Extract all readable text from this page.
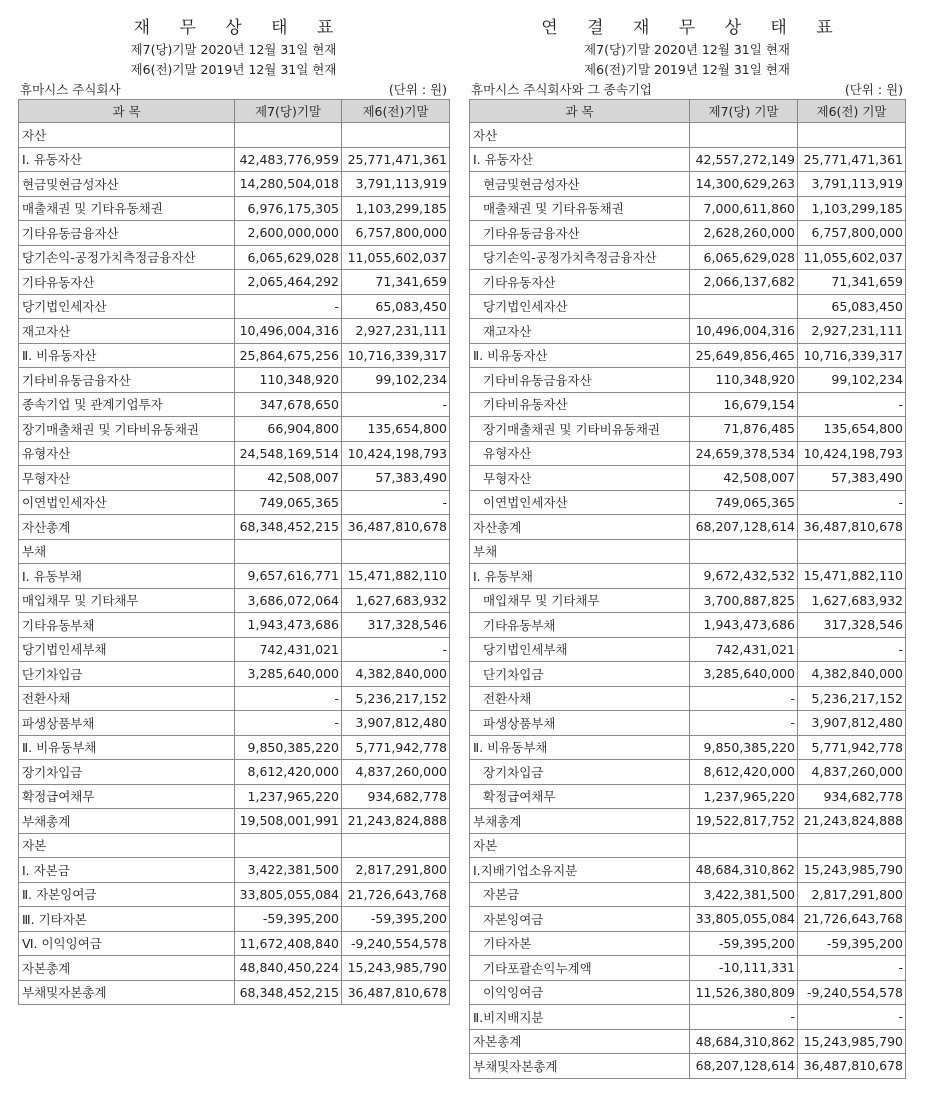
재 무 상 태 표
제7(당)기말 2020년 12월 31일 현재
제6(전)기말 2019년 12월 31일 현재
휴마시스 주식회사	(단위 : 원)
과 목	제7(당)기말	제6(전)기말
자산		
Ⅰ. 유동자산	42,483,776,959	25,771,471,361
현금및현금성자산	14,280,504,018	3,791,113,919
매출채권 및 기타유동채권	6,976,175,305	1,103,299,185
기타유동금융자산	2,600,000,000	6,757,800,000
당기손익-공정가치측정금융자산	6,065,629,028	11,055,602,037
기타유동자산	2,065,464,292	71,341,659
당기법인세자산	-	65,083,450
재고자산	10,496,004,316	2,927,231,111
Ⅱ. 비유동자산	25,864,675,256	10,716,339,317
기타비유동금융자산	110,348,920	99,102,234
종속기업 및 관계기업투자	347,678,650	-
장기매출채권 및 기타비유동채권	66,904,800	135,654,800
유형자산	24,548,169,514	10,424,198,793
무형자산	42,508,007	57,383,490
이연법인세자산	749,065,365	-
자산총계	68,348,452,215	36,487,810,678
부채		
Ⅰ. 유동부채	9,657,616,771	15,471,882,110
매입채무 및 기타채무	3,686,072,064	1,627,683,932
기타유동부채	1,943,473,686	317,328,546
당기법인세부채	742,431,021	-
단기차입금	3,285,640,000	4,382,840,000
전환사채	-	5,236,217,152
파생상품부채	-	3,907,812,480
Ⅱ. 비유동부채	9,850,385,220	5,771,942,778
장기차입금	8,612,420,000	4,837,260,000
확정급여채무	1,237,965,220	934,682,778
부채총계	19,508,001,991	21,243,824,888
자본		
Ⅰ. 자본금	3,422,381,500	2,817,291,800
Ⅱ. 자본잉여금	33,805,055,084	21,726,643,768
Ⅲ. 기타자본	-59,395,200	-59,395,200
Ⅵ. 이익잉여금	11,672,408,840	-9,240,554,578
자본총계	48,840,450,224	15,243,985,790
부채및자본총계	68,348,452,215	36,487,810,678
연 결 재 무 상 태 표
제7(당)기말 2020년 12월 31일 현재
제6(전)기말 2019년 12월 31일 현재
휴마시스 주식회사와 그 종속기업	(단위 : 원)
과 목	제7(당) 기말	제6(전) 기말
자산		
Ⅰ. 유동자산	42,557,272,149	25,771,471,361
현금및현금성자산	14,300,629,263	3,791,113,919
매출채권 및 기타유동채권	7,000,611,860	1,103,299,185
기타유동금융자산	2,628,260,000	6,757,800,000
당기손익-공정가치측정금융자산	6,065,629,028	11,055,602,037
기타유동자산	2,066,137,682	71,341,659
당기법인세자산		65,083,450
재고자산	10,496,004,316	2,927,231,111
Ⅱ. 비유동자산	25,649,856,465	10,716,339,317
기타비유동금융자산	110,348,920	99,102,234
기타비유동자산	16,679,154	-
장기매출채권 및 기타비유동채권	71,876,485	135,654,800
유형자산	24,659,378,534	10,424,198,793
무형자산	42,508,007	57,383,490
이연법인세자산	749,065,365	-
자산총계	68,207,128,614	36,487,810,678
부채		
Ⅰ. 유동부채	9,672,432,532	15,471,882,110
매입채무 및 기타채무	3,700,887,825	1,627,683,932
기타유동부채	1,943,473,686	317,328,546
당기법인세부채	742,431,021	-
단기차입금	3,285,640,000	4,382,840,000
전환사채	-	5,236,217,152
파생상품부채	-	3,907,812,480
Ⅱ. 비유동부채	9,850,385,220	5,771,942,778
장기차입금	8,612,420,000	4,837,260,000
확정급여채무	1,237,965,220	934,682,778
부채총계	19,522,817,752	21,243,824,888
자본		
Ⅰ.지배기업소유지분	48,684,310,862	15,243,985,790
자본금	3,422,381,500	2,817,291,800
자본잉여금	33,805,055,084	21,726,643,768
기타자본	-59,395,200	-59,395,200
기타포괄손익누계액	-10,111,331	-
이익잉여금	11,526,380,809	-9,240,554,578
Ⅱ.비지배지분	-	-
자본총계	48,684,310,862	15,243,985,790
부채및자본총계	68,207,128,614	36,487,810,678
